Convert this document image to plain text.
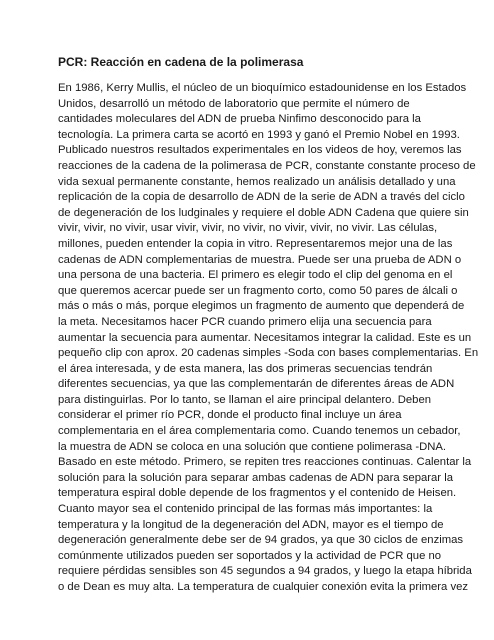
PCR: Reacción en cadena de la polimerasa
En 1986, Kerry Mullis, el núcleo de un bioquímico estadounidense en los Estados
Unidos, desarrolló un método de laboratorio que permite el número de
cantidades moleculares del ADN de prueba Ninfimo desconocido para la
tecnología. La primera carta se acortó en 1993 y ganó el Premio Nobel en 1993.
Publicado nuestros resultados experimentales en los videos de hoy, veremos las
reacciones de la cadena de la polimerasa de PCR, constante constante proceso de
vida sexual permanente constante, hemos realizado un análisis detallado y una
replicación de la copia de desarrollo de ADN de la serie de ADN a través del ciclo
de degeneración de los ludginales y requiere el doble ADN Cadena que quiere sin
vivir, vivir, no vivir, usar vivir, vivir, no vivir, no vivir, vivir, no vivir. Las células,
millones, pueden entender la copia in vitro. Representaremos mejor una de las
cadenas de ADN complementarias de muestra. Puede ser una prueba de ADN o
una persona de una bacteria. El primero es elegir todo el clip del genoma en el
que queremos acercar puede ser un fragmento corto, como 50 pares de álcali o
más o más o más, porque elegimos un fragmento de aumento que dependerá de
la meta. Necesitamos hacer PCR cuando primero elija una secuencia para
aumentar la secuencia para aumentar. Necesitamos integrar la calidad. Este es un
pequeño clip con aprox. 20 cadenas simples -Soda con bases complementarias. En
el área interesada, y de esta manera, las dos primeras secuencias tendrán
diferentes secuencias, ya que las complementarán de diferentes áreas de ADN
para distinguirlas. Por lo tanto, se llaman el aire principal delantero. Deben
considerar el primer río PCR, donde el producto final incluye un área
complementaria en el área complementaria como. Cuando tenemos un cebador,
la muestra de ADN se coloca en una solución que contiene polimerasa -DNA.
Basado en este método. Primero, se repiten tres reacciones continuas. Calentar la
solución para la solución para separar ambas cadenas de ADN para separar la
temperatura espiral doble depende de los fragmentos y el contenido de Heisen.
Cuanto mayor sea el contenido principal de las formas más importantes: la
temperatura y la longitud de la degeneración del ADN, mayor es el tiempo de
degeneración generalmente debe ser de 94 grados, ya que 30 ciclos de enzimas
comúnmente utilizados pueden ser soportados y la actividad de PCR que no
requiere pérdidas sensibles son 45 segundos a 94 grados, y luego la etapa híbrida
o de Dean es muy alta. La temperatura de cualquier conexión evita la primera vez
